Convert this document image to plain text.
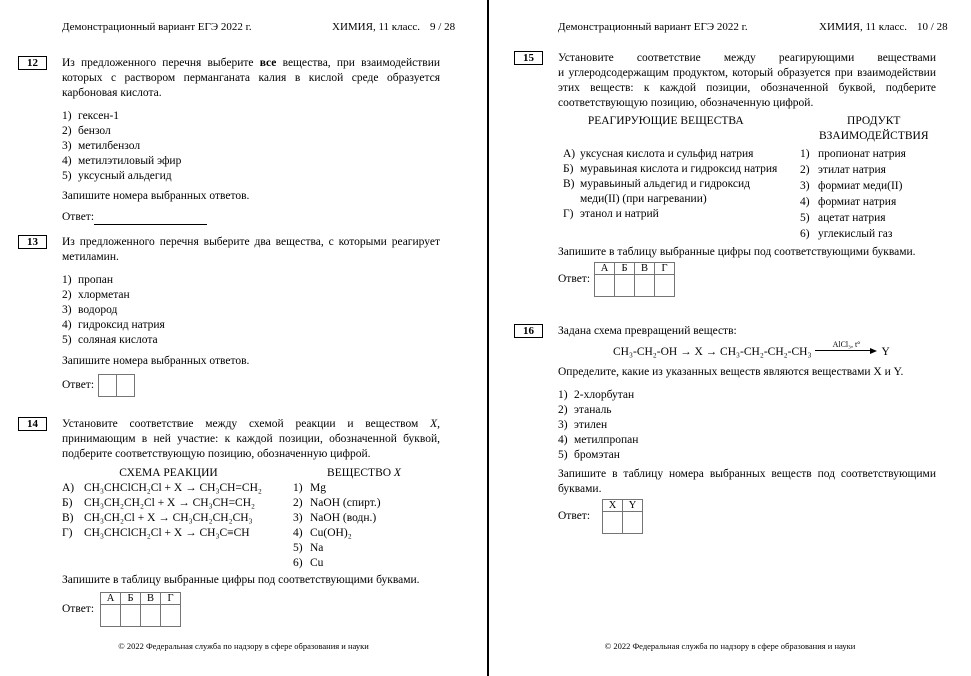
Демонстрационный вариант ЕГЭ 2022 г.	ХИМИЯ, 11 класс. 9 / 28
12	Из предложенного перечня выберите все вещества, при взаимодействии
которых с раствором перманганата калия в кислой среде образуется
карбоновая кислота.
1) гексен-1
2) бензол
3) метилбензол
4) метилэтиловый эфир
5) уксусный альдегид
Запишите номера выбранных ответов.
Ответ:
13	Из предложенного перечня выберите два вещества, с которыми реагирует
метиламин.
1) пропан
2) хлорметан
3) водород
4) гидроксид натрия
5) соляная кислота
Запишите номера выбранных ответов.
Ответ:
14	Установите соответствие между схемой реакции и веществом X,
принимающим в ней участие: к каждой позиции, обозначенной буквой,
подберите соответствующую позицию, обозначенную цифрой.
СХЕМА РЕАКЦИИ	ВЕЩЕСТВО X
А) CH₃CHClCH₂Cl + X → CH₃CH=CH₂
Б)	CH₃CH₂CH₂Cl + X → CH₃CH=CH₂
В) CH₃CH₂Cl + X → CH₃CH₂CH₂CH₃
Г)	CH₃CHClCH₂Cl + X → CH₃C≡CH
1) Mg
2) NaOH (спирт.)
3) NaOH (водн.)
4) Cu(OH)₂
5) Na
6) Cu
Запишите в таблицу выбранные цифры под соответствующими буквами.
Ответ:
А	Б	В	Г

© 2022 Федеральная служба по надзору в сфере образования и науки
Демонстрационный вариант ЕГЭ 2022 г.	ХИМИЯ, 11 класс. 10 / 28
15	Установите соответствие между реагирующими веществами
и углеродсодержащим продуктом, который образуется при взаимодействии
этих веществ: к каждой позиции, обозначенной буквой, подберите
соответствующую позицию, обозначенную цифрой.
РЕАГИРУЮЩИЕ ВЕЩЕСТВА	ПРОДУКТ
ВЗАИМОДЕЙСТВИЯ
А) уксусная кислота и сульфид натрия
Б) муравьиная кислота и гидроксид натрия
В) муравьиный альдегид и гидроксид меди(II) (при нагревании)
Г) этанол и натрий
1) пропионат натрия
2) этилат натрия
3) формиат меди(II)
4) формиат натрия
5) ацетат натрия
6) углекислый газ
Запишите в таблицу выбранные цифры под соответствующими буквами.
Ответ:
А	Б	В	Г

16	Задана схема превращений веществ:
CH₃-CH₂-OH → X → CH₃-CH₂-CH₂-CH₃
AlCl₃, t°
Y
Определите, какие из указанных веществ являются веществами X и Y.
1) 2-хлорбутан
2) этаналь
3) этилен
4) метилпропан
5) бромэтан
Запишите в таблицу номера выбранных веществ под соответствующими
буквами.
Ответ:
X	Y

© 2022 Федеральная служба по надзору в сфере образования и науки
